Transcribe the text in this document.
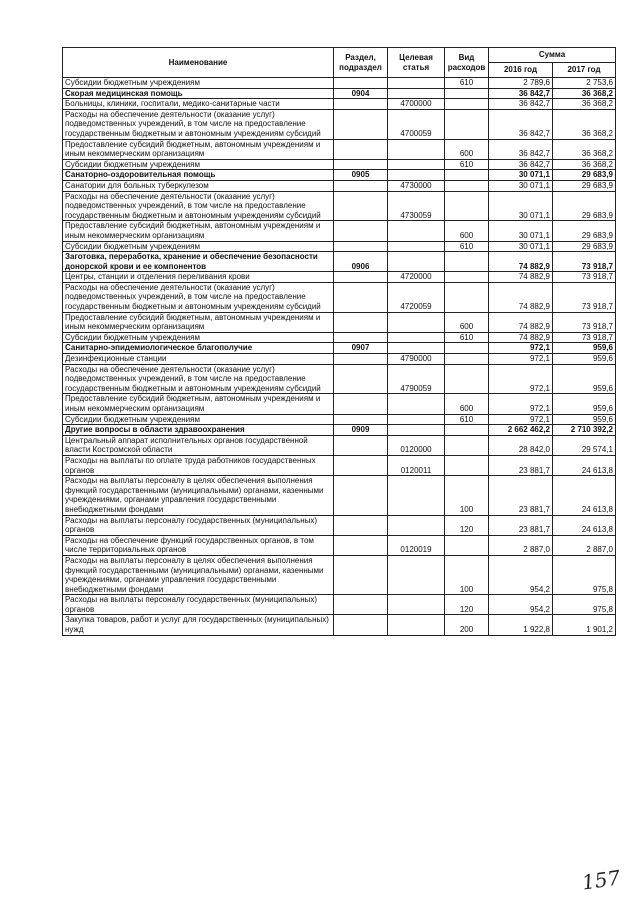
Наименование	Раздел, подраздел	Целевая статья	Вид расходов	Сумма	
				2016 год	2017 год
Субсидии бюджетным учреждениям			610	2 789,6	2 753,6
Скорая медицинская помощь	0904			36 842,7	36 368,2
Больницы, клиники, госпитали, медико-санитарные части		4700000		36 842,7	36 368,2
Расходы на обеспечение деятельности (оказание услуг) подведомственных учреждений, в том числе на предоставление государственным бюджетным и автономным учреждениям субсидий		4700059		36 842,7	36 368,2
Предоставление субсидий бюджетным, автономным учреждениям и иным некоммерческим организациям			600	36 842,7	36 368,2
Субсидии бюджетным учреждениям			610	36 842,7	36 368,2
Санаторно-оздоровительная помощь	0905			30 071,1	29 683,9
Санатории для больных туберкулезом		4730000		30 071,1	29 683,9
Расходы на обеспечение деятельности (оказание услуг) подведомственных учреждений, в том числе на предоставление государственным бюджетным и автономным учреждениям субсидий		4730059		30 071,1	29 683,9
Предоставление субсидий бюджетным, автономным учреждениям и иным некоммерческим организациям			600	30 071,1	29 683,9
Субсидии бюджетным учреждениям			610	30 071,1	29 683,9
Заготовка, переработка, хранение и обеспечение безопасности донорской крови и ее компонентов	0906			74 882,9	73 918,7
Центры, станции и отделения переливания крови		4720000		74 882,9	73 918,7
Расходы на обеспечение деятельности (оказание услуг) подведомственных учреждений, в том числе на предоставление государственным бюджетным и автономным учреждениям субсидий		4720059		74 882,9	73 918,7
Предоставление субсидий бюджетным, автономным учреждениям и иным некоммерческим организациям			600	74 882,9	73 918,7
Субсидии бюджетным учреждениям			610	74 882,9	73 918,7
Санитарно-эпидемиологическое благополучие	0907			972,1	959,6
Дезинфекционные станции		4790000		972,1	959,6
Расходы на обеспечение деятельности (оказание услуг) подведомственных учреждений, в том числе на предоставление государственным бюджетным и автономным учреждениям субсидий		4790059		972,1	959,6
Предоставление субсидий бюджетным, автономным учреждениям и иным некоммерческим организациям			600	972,1	959,6
Субсидии бюджетным учреждениям			610	972,1	959,6
Другие вопросы в области здравоохранения	0909			2 662 462,2	2 710 392,2
Центральный аппарат исполнительных органов государственной власти Костромской области		0120000		28 842,0	29 574,1
Расходы на выплаты по оплате труда работников государственных органов		0120011		23 881,7	24 613,8
Расходы на выплаты персоналу в целях обеспечения выполнения функций государственными (муниципальными) органами, казенными учреждениями, органами управления государственными внебюджетными фондами			100	23 881,7	24 613,8
Расходы на выплаты персоналу государственных (муниципальных) органов			120	23 881,7	24 613,8
Расходы на обеспечение функций государственных органов, в том числе территориальных органов		0120019		2 887,0	2 887,0
Расходы на выплаты персоналу в целях обеспечения выполнения функций государственными (муниципальными) органами, казенными учреждениями, органами управления государственными внебюджетными фондами			100	954,2	975,8
Расходы на выплаты персоналу государственных (муниципальных) органов			120	954,2	975,8
Закупка товаров, работ и услуг для государственных (муниципальных) нужд			200	1 922,8	1 901,2
157
